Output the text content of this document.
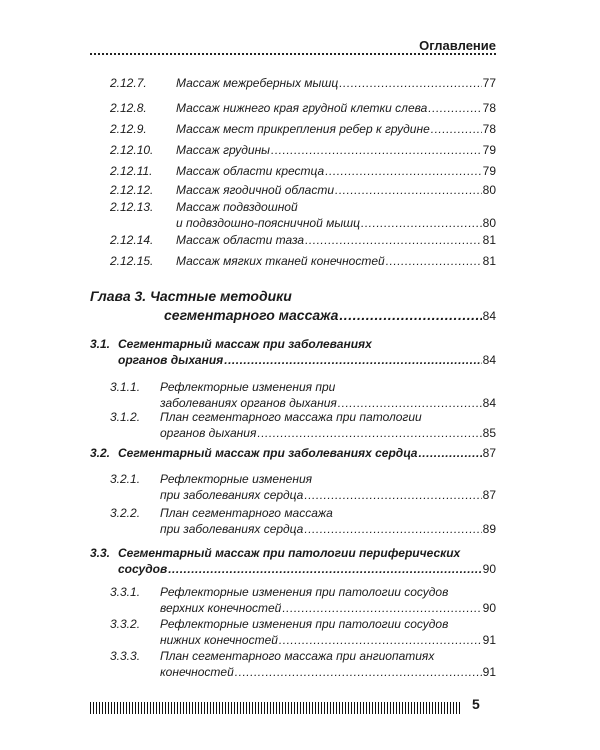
Оглавление
2.12.7. Массаж межреберных мышц .....	77
2.12.8. Массаж нижнего края грудной клетки слева .....	78
2.12.9. Массаж мест прикрепления ребер к грудине .....	78
2.12.10. Массаж грудины .....	79
2.12.11. Массаж области крестца .....	79
2.12.12. Массаж ягодичной области .....	80
2.12.13. Массаж подвздошной
и подвздошно-поясничной мышц .....	80
2.12.14. Массаж области таза .....	81
2.12.15. Массаж мягких тканей конечностей .....	81
Глава 3. Частные методики
сегментарного массажа .....	84
3.1. Сегментарный массаж при заболеваниях
органов дыхания .....	84
3.1.1. Рефлекторные изменения при
заболеваниях органов дыхания .....	84
3.1.2. План сегментарного массажа при патологии
органов дыхания .....	85
3.2. Сегментарный массаж при заболеваниях сердца .....	87
3.2.1. Рефлекторные изменения
при заболеваниях сердца .....	87
3.2.2. План сегментарного массажа
при заболеваниях сердца .....	89
3.3. Сегментарный массаж при патологии периферических
сосудов .....	90
3.3.1. Рефлекторные изменения при патологии сосудов
верхних конечностей .....	90
3.3.2. Рефлекторные изменения при патологии сосудов
нижних конечностей .....	91
3.3.3. План сегментарного массажа при ангиопатиях
конечностей .....	91
5
